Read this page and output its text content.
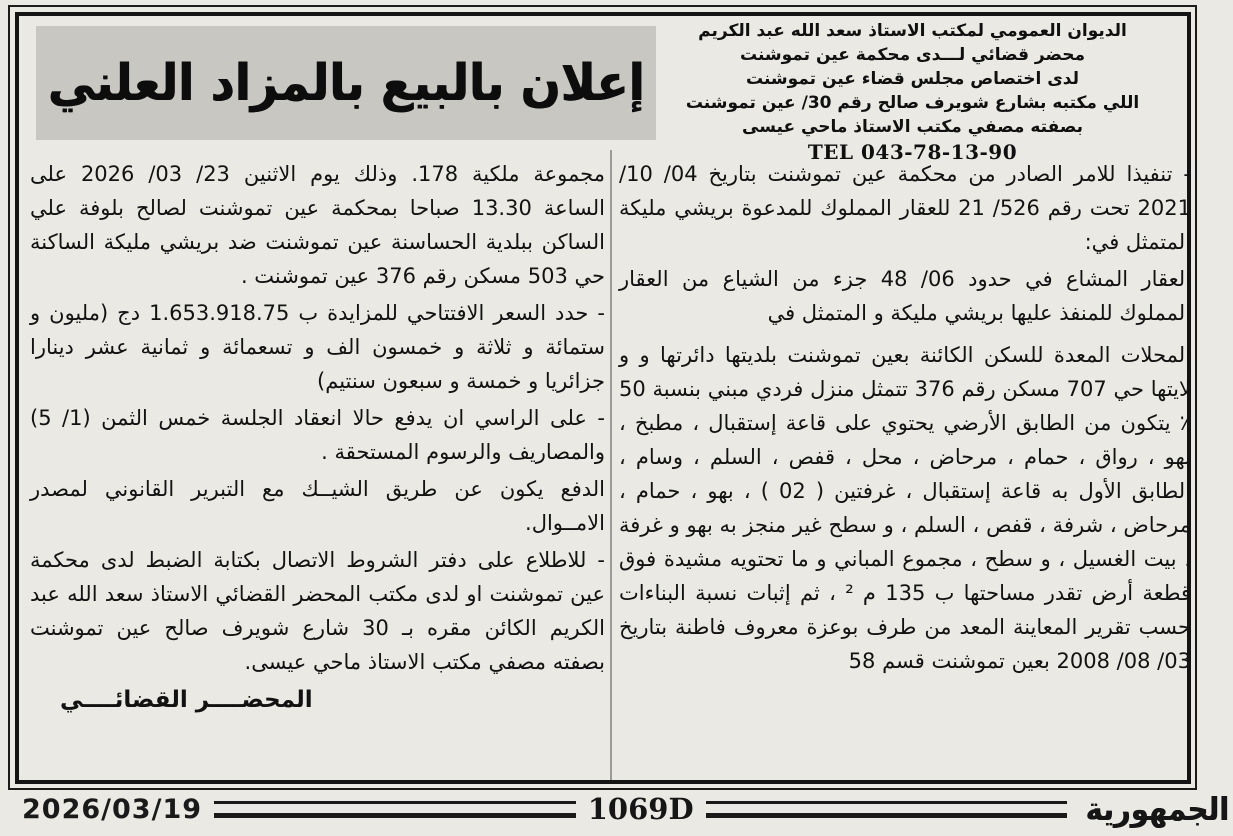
الديوان العمومي لمكتب الاستاذ سعد الله عبد الكريم
محضر قضائي لـــدى محكمة عين تموشنت
لدى اختصاص مجلس قضاء عين تموشنت
اللي مكتبه بشارع شويرف صالح رقم 30/ عين تموشنت
بصفته مصفي مكتب الاستاذ ماحي عيسى
TEL 043-78-13-90
إعلان بالبيع بالمزاد العلني

- تنفيذا للامر الصادر من محكمة عين تموشنت بتاريخ 04/ 10/ 2021 تحت رقم 526/ 21 للعقار المملوك للمدعوة بريشي مليكة المتمثل في:

العقار المشاع في حدود 06/ 48 جزء من الشياع من العقار المملوك للمنفذ عليها بريشي مليكة و المتمثل في

المحلات المعدة للسكن الكائنة بعين تموشنت بلديتها دائرتها و و لايتها حي 707 مسكن رقم 376 تتمثل منزل فردي مبني بنسبة 50 ٪ يتكون من الطابق الأرضي يحتوي على قاعة إستقبال ، مطبخ ، بهو ، رواق ، حمام ، مرحاض ، محل ، قفص ، السلم ، وسام ، الطابق الأول به قاعة إستقبال ، غرفتين ( 02 ) ، بهو ، حمام ، مرحاض ، شرفة ، قفص ، السلم ، و سطح غير منجز به بهو و غرفة ، بيت الغسيل ، و سطح ، مجموع المباني و ما تحتويه مشيدة فوق قطعة أرض تقدر مساحتها ب 135 م ² ، ثم إثبات نسبة البناءات حسب تقرير المعاينة المعد من طرف بوعزة معروف فاطنة بتاريخ 03/ 08/ 2008 بعين تموشنت قسم 58

مجموعة ملكية 178. وذلك يوم الاثنين 23/ 03/ 2026 على الساعة 13.30 صباحا بمحكمة عين تموشنت لصالح بلوفة علي الساكن ببلدية الحساسنة عين تموشنت ضد بريشي مليكة الساكنة حي 503 مسكن رقم 376 عين تموشنت .

- حدد السعر الافتتاحي للمزايدة ب 1.653.918.75 دج (مليون و ستمائة و ثلاثة و خمسون الف و تسعمائة و ثمانية عشر دينارا جزائريا و خمسة و سبعون سنتيم)

- على الراسي ان يدفع حالا انعقاد الجلسة خمس الثمن (1/ 5) والمصاريف والرسوم المستحقة .

الدفع يكون عن طريق الشيــك مع التبرير القانوني لمصدر الامــوال.

- للاطلاع على دفتر الشروط الاتصال بكتابة الضبط لدى محكمة عين تموشنت او لدى مكتب المحضر القضائي الاستاذ سعد الله عبد الكريم الكائن مقره بـ 30 شارع شويرف صالح عين تموشنت بصفته مصفي مكتب الاستاذ ماحي عيسى.

المحضــــر القضائــــي
2026/03/19	1069D	الجمهورية
